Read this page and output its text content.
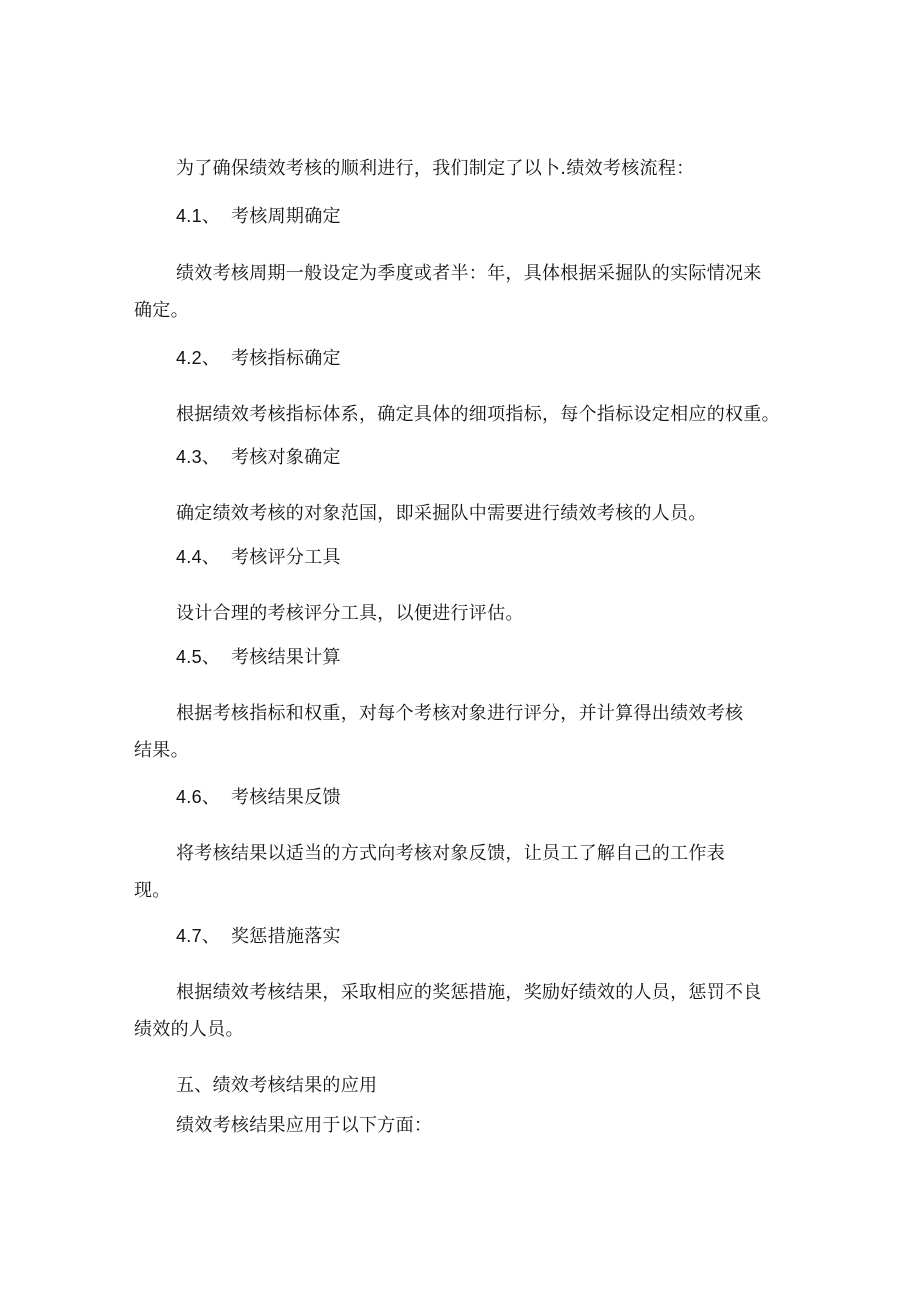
为了确保绩效考核的顺利进行，我们制定了以卜.绩效考核流程：
4.1、 考核周期确定
绩效考核周期一般设定为季度或者半：年，具体根据采掘队的实际情况来
确定。
4.2、 考核指标确定
根据绩效考核指标体系，确定具体的细项指标，每个指标设定相应的权重。
4.3、 考核对象确定
确定绩效考核的对象范国，即采掘队中需要进行绩效考核的人员。
4.4、 考核评分工具
设计合理的考核评分工具，以便进行评估。
4.5、 考核结果计算
根据考核指标和权重，对每个考核对象进行评分，并计算得出绩效考核
结果。
4.6、 考核结果反馈
将考核结果以适当的方式向考核对象反馈，让员工了解自己的工作表
现。
4.7、 奖惩措施落实
根据绩效考核结果，采取相应的奖惩措施，奖励好绩效的人员，惩罚不良
绩效的人员。
五、绩效考核结果的应用
绩效考核结果应用于以下方面：
